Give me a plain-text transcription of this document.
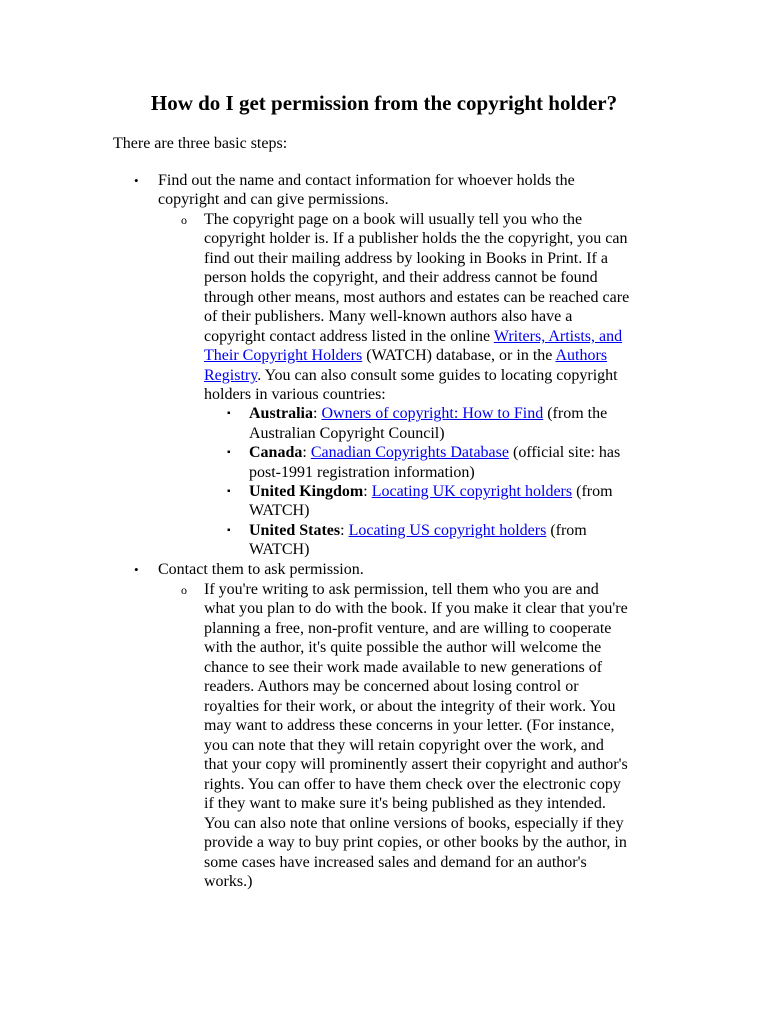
How do I get permission from the copyright holder?

There are three basic steps:

• Find out the name and contact information for whoever holds the

copyright and can give permissions.

o The copyright page on a book will usually tell you who the

copyright holder is. If a publisher holds the the copyright, you can

find out their mailing address by looking in Books in Print. If a

person holds the copyright, and their address cannot be found

through other means, most authors and estates can be reached care

of their publishers. Many well-known authors also have a

copyright contact address listed in the online Writers, Artists, and

Their Copyright Holders (WATCH) database, or in the Authors

Registry. You can also consult some guides to locating copyright

holders in various countries:

▪ Australia: Owners of copyright: How to Find (from the

Australian Copyright Council)

▪ Canada: Canadian Copyrights Database (official site: has

post-1991 registration information)

▪ United Kingdom: Locating UK copyright holders (from

WATCH)

▪ United States: Locating US copyright holders (from

WATCH)

• Contact them to ask permission.

o If you're writing to ask permission, tell them who you are and

what you plan to do with the book. If you make it clear that you're

planning a free, non-profit venture, and are willing to cooperate

with the author, it's quite possible the author will welcome the

chance to see their work made available to new generations of

readers. Authors may be concerned about losing control or

royalties for their work, or about the integrity of their work. You

may want to address these concerns in your letter. (For instance,

you can note that they will retain copyright over the work, and

that your copy will prominently assert their copyright and author's

rights. You can offer to have them check over the electronic copy

if they want to make sure it's being published as they intended.

You can also note that online versions of books, especially if they

provide a way to buy print copies, or other books by the author, in

some cases have increased sales and demand for an author's

works.)
